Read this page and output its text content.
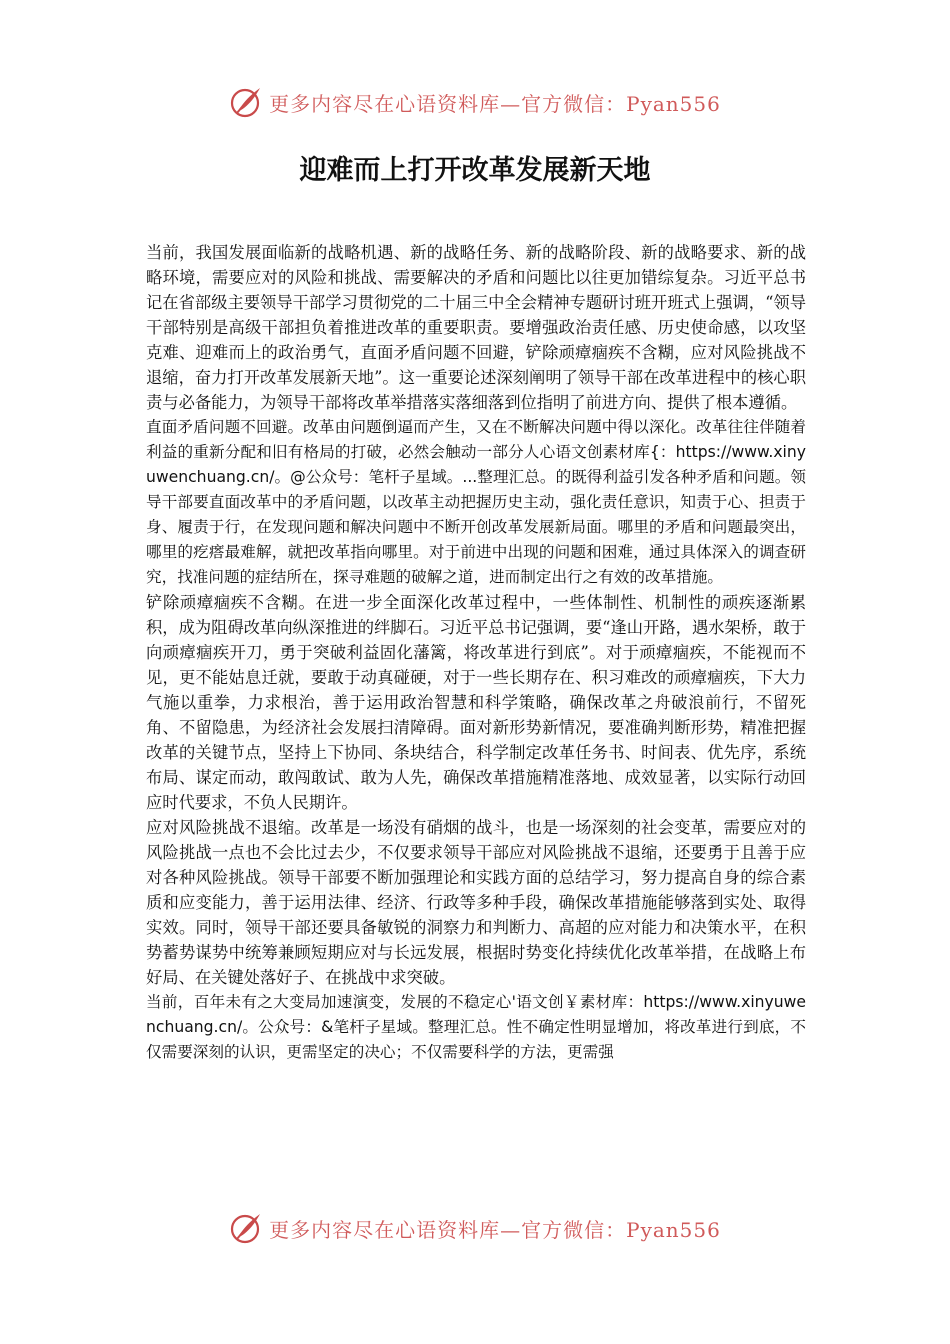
更多内容尽在心语资料库—官方微信：Pyan556
迎难而上打开改革发展新天地

当前，我国发展面临新的战略机遇、新的战略任务、新的战略阶段、新的战略要求、新的战略环境，需要应对的风险和挑战、需要解决的矛盾和问题比以往更加错综复杂。习近平总书记在省部级主要领导干部学习贯彻党的二十届三中全会精神专题研讨班开班式上强调，“领导干部特别是高级干部担负着推进改革的重要职责。要增强政治责任感、历史使命感，以攻坚克难、迎难而上的政治勇气，直面矛盾问题不回避，铲除顽瘴痼疾不含糊，应对风险挑战不退缩，奋力打开改革发展新天地”。这一重要论述深刻阐明了领导干部在改革进程中的核心职责与必备能力，为领导干部将改革举措落实落细落到位指明了前进方向、提供了根本遵循。

直面矛盾问题不回避。改革由问题倒逼而产生，又在不断解决问题中得以深化。改革往往伴随着利益的重新分配和旧有格局的打破，必然会触动一部分人心语文创素材库{：https://www.xinyuwenchuang.cn/。@公众号：笔杆子星域。...整理汇总。的既得利益引发各种矛盾和问题。领导干部要直面改革中的矛盾问题，以改革主动把握历史主动，强化责任意识，知责于心、担责于身、履责于行，在发现问题和解决问题中不断开创改革发展新局面。哪里的矛盾和问题最突出，哪里的疙瘩最难解，就把改革指向哪里。对于前进中出现的问题和困难，通过具体深入的调查研究，找准问题的症结所在，探寻难题的破解之道，进而制定出行之有效的改革措施。

铲除顽瘴痼疾不含糊。在进一步全面深化改革过程中，一些体制性、机制性的顽疾逐渐累积，成为阻碍改革向纵深推进的绊脚石。习近平总书记强调，要“逢山开路，遇水架桥，敢于向顽瘴痼疾开刀，勇于突破利益固化藩篱，将改革进行到底”。对于顽瘴痼疾，不能视而不见，更不能姑息迁就，要敢于动真碰硬，对于一些长期存在、积习难改的顽瘴痼疾，下大力气施以重拳，力求根治，善于运用政治智慧和科学策略，确保改革之舟破浪前行，不留死角、不留隐患，为经济社会发展扫清障碍。面对新形势新情况，要准确判断形势，精准把握改革的关键节点，坚持上下协同、条块结合，科学制定改革任务书、时间表、优先序，系统布局、谋定而动，敢闯敢试、敢为人先，确保改革措施精准落地、成效显著，以实际行动回应时代要求，不负人民期许。

应对风险挑战不退缩。改革是一场没有硝烟的战斗，也是一场深刻的社会变革，需要应对的风险挑战一点也不会比过去少，不仅要求领导干部应对风险挑战不退缩，还要勇于且善于应对各种风险挑战。领导干部要不断加强理论和实践方面的总结学习，努力提高自身的综合素质和应变能力，善于运用法律、经济、行政等多种手段，确保改革措施能够落到实处、取得实效。同时，领导干部还要具备敏锐的洞察力和判断力、高超的应对能力和决策水平，在积势蓄势谋势中统筹兼顾短期应对与长远发展，根据时势变化持续优化改革举措，在战略上布好局、在关键处落好子、在挑战中求突破。

当前，百年未有之大变局加速演变，发展的不稳定心'语文创￥素材库：https://www.xinyuwenchuang.cn/。公众号：&笔杆子星域。整理汇总。性不确定性明显增加，将改革进行到底，不仅需要深刻的认识，更需坚定的决心；不仅需要科学的方法，更需强

更多内容尽在心语资料库—官方微信：Pyan556
